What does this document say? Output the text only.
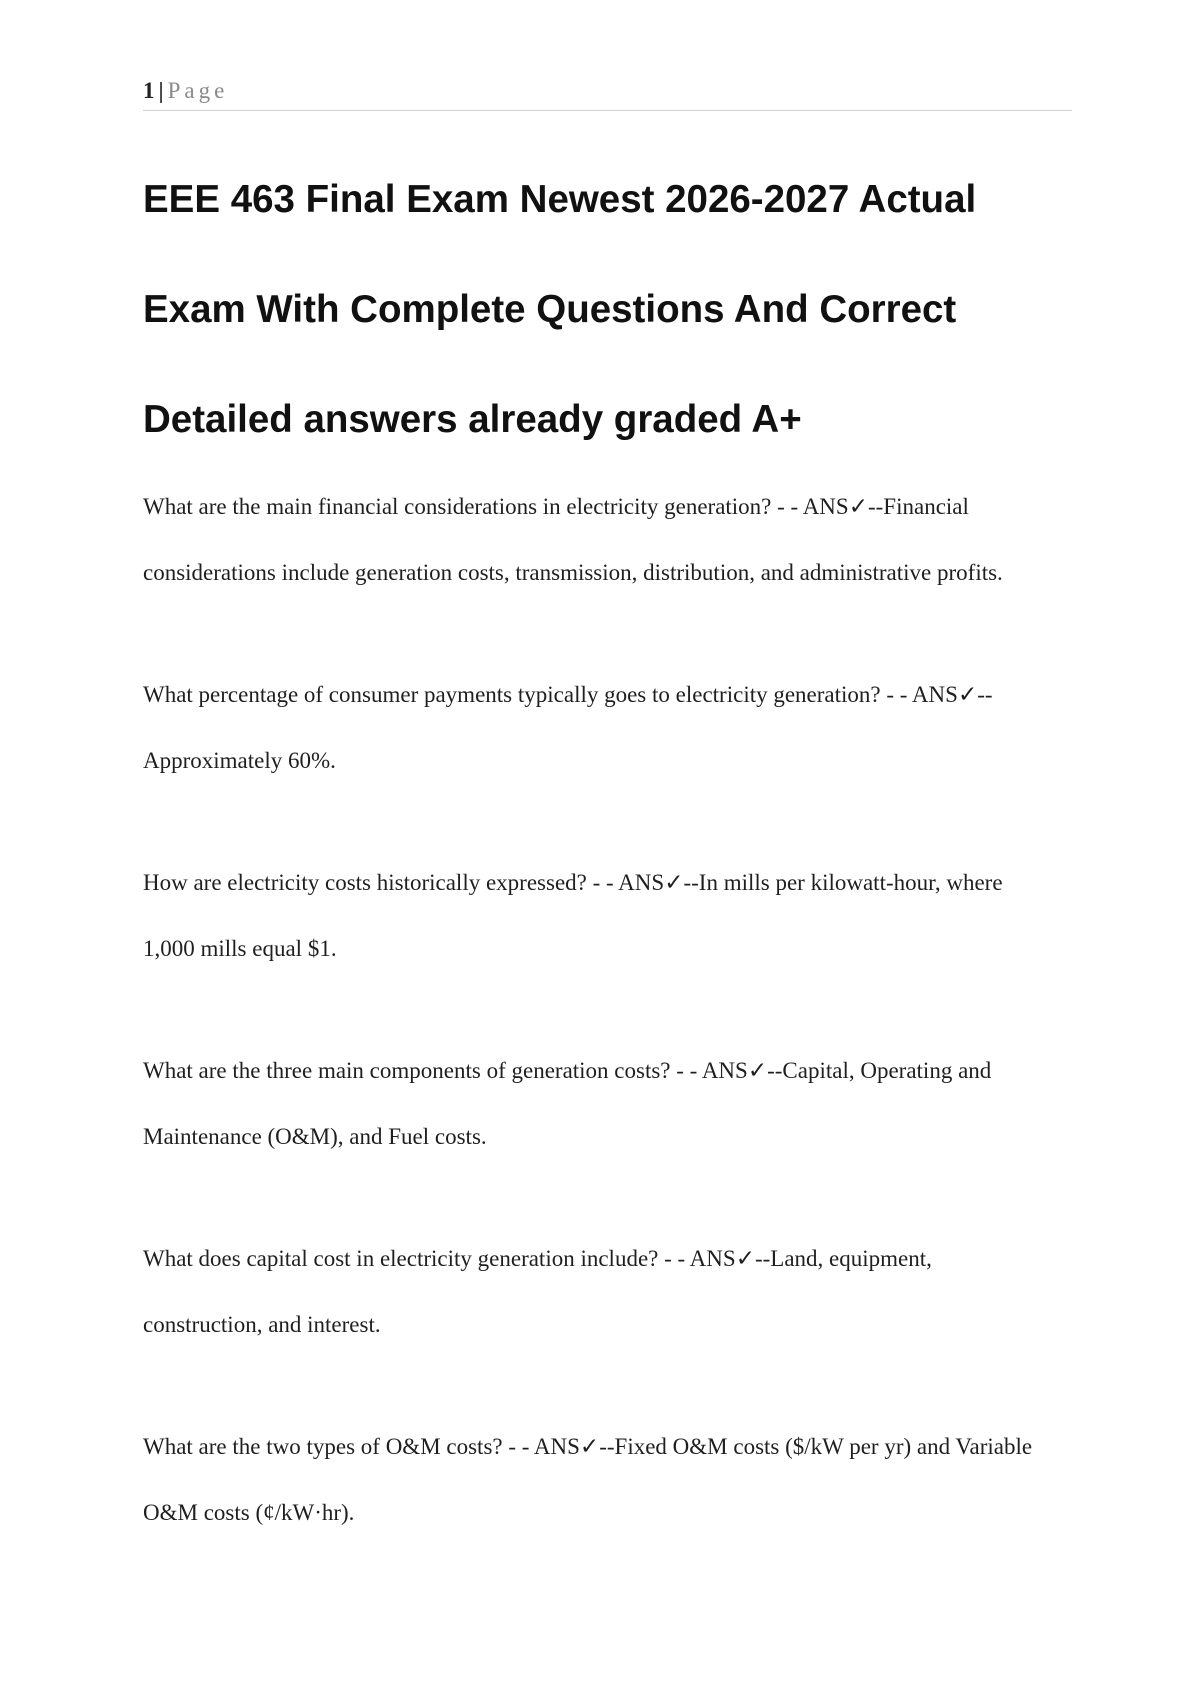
1 | Page
EEE 463 Final Exam Newest 2026-2027 Actual
Exam With Complete Questions And Correct
Detailed answers already graded A+
What are the main financial considerations in electricity generation? - - ANS✓--Financial
considerations include generation costs, transmission, distribution, and administrative profits.
What percentage of consumer payments typically goes to electricity generation? - - ANS✓--
Approximately 60%.
How are electricity costs historically expressed? - - ANS✓--In mills per kilowatt-hour, where
1,000 mills equal $1.
What are the three main components of generation costs? - - ANS✓--Capital, Operating and
Maintenance (O&M), and Fuel costs.
What does capital cost in electricity generation include? - - ANS✓--Land, equipment,
construction, and interest.
What are the two types of O&M costs? - - ANS✓--Fixed O&M costs ($/kW per yr) and Variable
O&M costs (¢/kW·hr).
